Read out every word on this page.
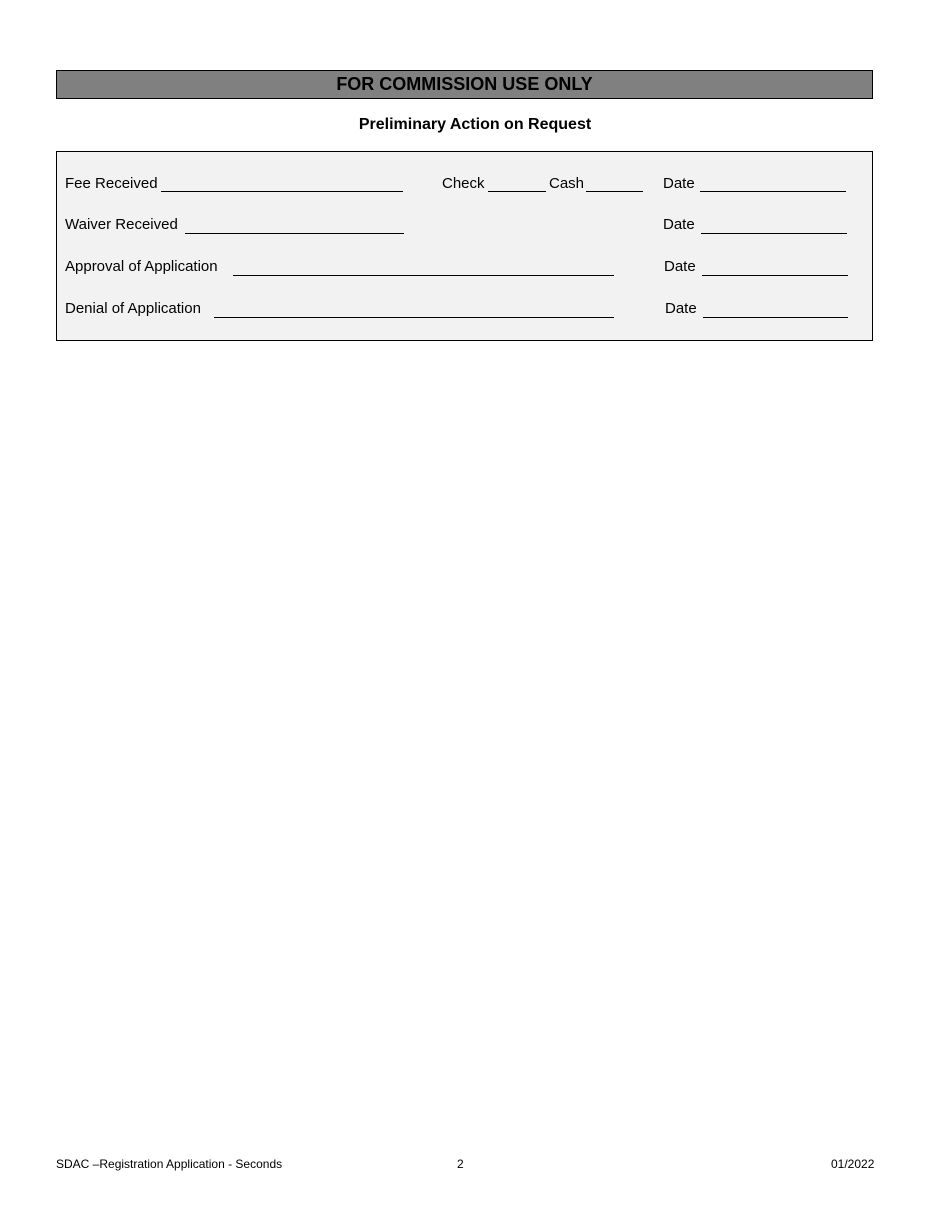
FOR COMMISSION USE ONLY
Preliminary Action on Request
Fee Received	Check	Cash	Date
Waiver Received	Date
Approval of Application	Date
Denial of Application	Date
SDAC –Registration Application - Seconds	2	01/2022
